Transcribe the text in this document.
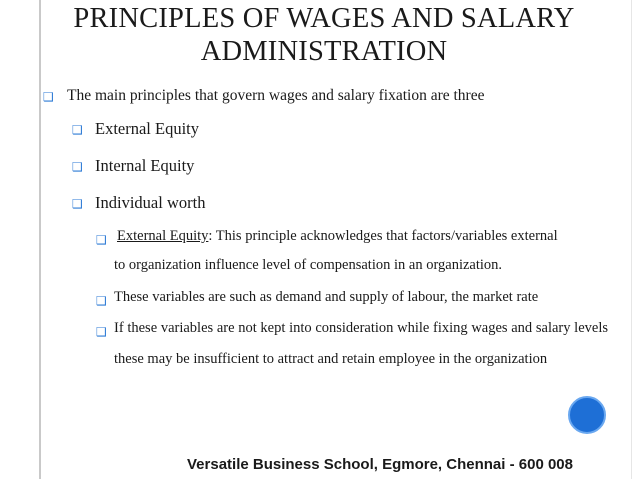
PRINCIPLES OF WAGES AND SALARY
ADMINISTRATION
❑ The main principles that govern wages and salary fixation are three
❑ External Equity
❑ Internal Equity
❑ Individual worth
❑ External Equity: This principle acknowledges that factors/variables external
to organization influence level of compensation in an organization.
❑ These variables are such as demand and supply of labour, the market rate
❑ If these variables are not kept into consideration while fixing wages and salary levels these may be insufficient to attract and retain employee in the organization
Versatile Business School, Egmore, Chennai - 600 008
